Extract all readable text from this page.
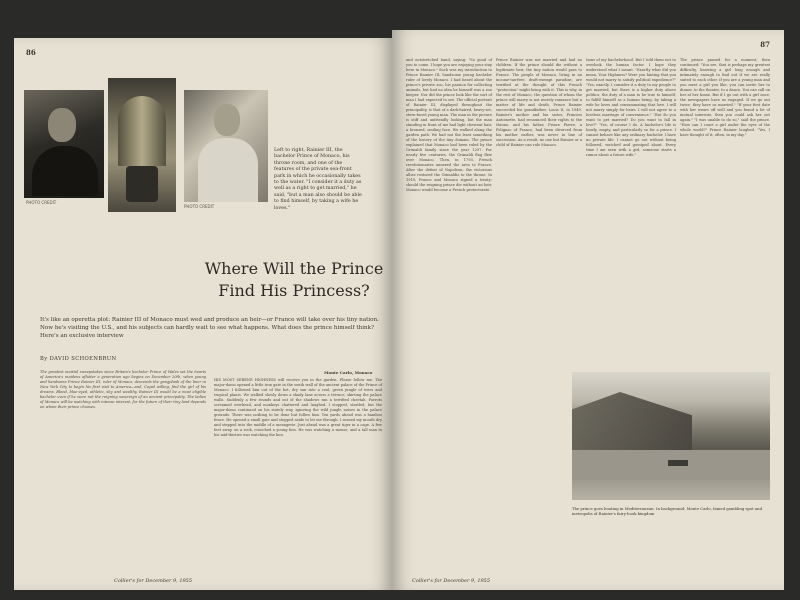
86
PHOTO CREDIT
PHOTO CREDIT
Left to right, Rainier III, the bachelor Prince of Monaco, his throne room, and one of the features of the private sea-front park in which he occasionally takes to the water. "I consider it a duty as well as a right to get married," he said, "but a man also should be able to find himself, by taking a wife he loves."
Where Will the Prince Find His Princess?
It's like an operetta plot: Rainier III of Monaco must wed and produce an heir—or France will take over his tiny nation. Now he's visiting the U.S., and his subjects can hardly wait to see what happens. What does the prince himself think? Here's an exclusive interview
By DAVID SCHOENBRUN

The greatest marital sweepstakes since Britain's bachelor Prince of Wales set the hearts of America's maidens aflutter a generation ago begins on December 20th, when young and handsome Prince Rainier III, ruler of Monaco, descends the gangplank of the liner in New York City to begin his first visit to America—and, Cupid willing, find the girl of his dreams. Blond, blue-eyed, athletic, shy and wealthy, Rainier III would be a most eligible bachelor even if he were not the reigning sovereign of an ancient principality. The ladies of Monaco will be watching with intense interest, for the future of their tiny land depends on whom their prince chooses.

Monte Carlo, Monaco

HIS MOST SERENE HIGHNESS will receive you in the garden. Please follow me. The major-domo opened a little iron gate in the south wall of the ancient palace of the Prince of Monaco. I followed him out of the hot, dry sun into a cool, green jungle of trees and tropical plants. We walked slowly down a shady lane across a terrace, skirting the palace walls. Suddenly a few rounds and out of the shadows ran a terrified cheetah. Parrots screamed overhead, and monkeys chattered and laughed. I stopped, startled, but the major-domo continued on his stately way, ignoring the wild jungle noises in the palace grounds. There was nothing to be done but follow him. Ten yards ahead was a bamboo fence. He opened a small gate and stepped aside to let me through. I sensed my mouth dry and stepped into the middle of a menagerie. Just ahead was a great tiger in a cage. A few feet away, on a rock, crouched a young lion. He was watching a mouse, and a tall man in his mid-thirties was watching the lion.

Collier's for December 9, 1955
87

and outstretched hand, saying: "So good of you to come. I hope you are enjoying your stay here in Monaco." Such was my introduction to Prince Rainier III, handsome young bachelor ruler of lovely Monaco. I had heard about the prince's private zoo, his passion for collecting animals, but had no idea he himself was a zoo keeper. Nor did the prince look like the sort of man I had expected to see. The official portrait of Rainier III, displayed throughout the principality, is that of a dark-haired, heavy-set, stern-faced young man. The man in the picture is stiff and unfriendly looking, but the man standing in front of me had light chestnut hair, a bronzed, smiling face. We walked along the garden path. We had not the least something of the history of the tiny domain. The prince explained that Monaco had been ruled by the Grimaldi family since the year 1297. For nearly five centuries, the Grimaldi flag flew over Monaco. Then, in 1793, French revolutionaries annexed the area to France. After the defeat of Napoleon, the victorious allies restored the Grimaldis to the throne. In 1918, France and Monaco signed a treaty: should the reigning prince die without an heir, Monaco would become a French protectorate.

Prince Rainier was not married and had no children. If the prince should die without a legitimate heir, the tiny nation would pass to France. The people of Monaco, living in an income-tax-free, draft-exempt paradise, are terrified at the thought of this French "protection" might bring with it. This is why, in the rest of Monaco, the question of whom the prince will marry is not merely romance but a matter of life and death. Prince Rainier succeeded his grandfather, Louis II, in 1949. Rainier's mother and his sister, Princess Antoinette, had renounced their rights to the throne, and his father, Prince Pierre, a Polignac of France, had been divorced from his mother earlier, was never in line of succession. As a result, no one but Rainier or a child of Rainier can rule Monaco.

tions of my bachelorhood. But I told them not to overlook the human factor. I hope they understood what I meant. "Exactly what did you mean, Your Highness? Were you hinting that you would not marry to satisfy political expedience?" "Yes, exactly. I consider it a duty to my people to get married, but there is a higher duty above politics, the duty of a man to be true to himself, to fulfill himself as a human being, by taking a wife he loves and consummating that love. I will not marry simply for heirs. I will not agree to a loveless marriage of convenience." "But do you want to get married? Do you want to fall in love?" "Yes, of course I do. A bachelor's life is lonely, empty, and particularly so for a prince. I cannot behave like any ordinary bachelor. I have no private life. I cannot go out without being followed, watched and gossiped about. Every time I am seen with a girl, someone starts a rumor about a future wife."

The prince paused for a moment, then continued: "You see, that is perhaps my greatest difficulty, knowing a girl long enough and intimately enough to find out if we are really suited to each other. If you are a young man and you meet a girl you like, you can invite her to dinner, to the theater, to a dance. You can call on her at her home. But if I go out with a girl once, the newspapers have us engaged. If we go out twice, they have us married." "If your first date with her wears off well and you found a lot of mutual interests, then you could ask her out again." "I was unable to do so," said the prince. "How can I court a girl under the eyes of the whole world?" Prince Rainier laughed. "Yes, I have thought of it, often, in my day."

The prince goes boating in Mediterranean. In background: Monte Carlo, famed gambling spot and metropolis of Rainier's fairy-book kingdom
Collier's for December 9, 1955
